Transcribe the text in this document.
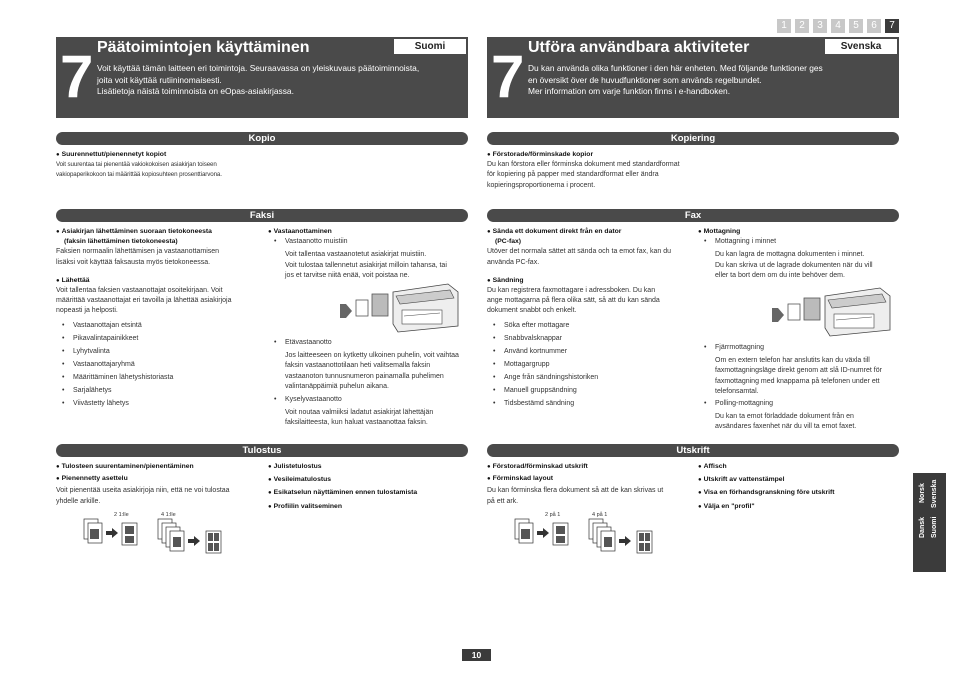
1	2	3	4	5	6	7
7 Päätoimintojen käyttäminen	Suomi
Voit käyttää tämän laitteen eri toimintoja. Seuraavassa on yleiskuvaus päätoiminnoista,
joita voit käyttää rutiininomaisesti.
Lisätietoja näistä toiminnoista on eOpas-asiakirjassa.
Kopio
● Suurennettut/pienennetyt kopiot
Voit suurentaa tai pienentää vakiokokoisen asiakirjan toiseen
vakiopaperikokoon tai määrittää kopiosuhteen prosenttiarvona.
Faksi
● Asiakirjan lähettäminen suoraan tietokoneesta
(faksin lähettäminen tietokoneesta)
Faksien normaalin lähettämisen ja vastaanottamisen
lisäksi voit käyttää faksausta myös tietokoneessa.
● Lähettää
Voit tallentaa faksien vastaanottajat osoitekirjaan. Voit
määrittää vastaanottajat eri tavoilla ja lähettää asiakirjoja
nopeasti ja helposti.
• Vastaanottajan etsintä
• Pikavalintapainikkeet
• Lyhytvalinta
• Vastaanottajaryhmä
• Määrittäminen lähetyshistoriasta
• Sarjalähetys
• Viivästetty lähetys
● Vastaanottaminen
• Vastaanotto muistiin
Voit tallentaa vastaanotetut asiakirjat muistiin.
Voit tulostaa tallennetut asiakirjat milloin tahansa, tai
jos et tarvitse niitä enää, voit poistaa ne.
• Etävastaanotto
Jos laitteeseen on kytketty ulkoinen puhelin, voit vaihtaa
faksin vastaanottotilaan heti valitsemalla faksin
vastaanoton tunnusnumeron painamalla puhelimen
valintanäppäimiä puhelun aikana.
• Kyselyvastaanotto
Voit noutaa valmiiksi ladatut asiakirjat lähettäjän
faksilaitteesta, kun haluat vastaanottaa faksin.
Tulostus
● Tulosteen suurentaminen/pienentäminen
● Pienennetty asettelu
Voit pienentää useita asiakirjoja niin, että ne voi tulostaa
yhdelle arkille.
● Julistetulostus
● Vesileimatulostus
● Esikatselun näyttäminen ennen tulostamista
● Profiilin valitseminen
2 1:lle	4 1:lle
7 Utföra användbara aktiviteter	Svenska
Du kan använda olika funktioner i den här enheten. Med följande funktioner ges
en översikt över de huvudfunktioner som används regelbundet.
Mer information om varje funktion finns i e-handboken.
Kopiering
● Förstorade/förminskade kopior
Du kan förstora eller förminska dokument med standardformat
för kopiering på papper med standardformat eller ändra
kopieringsproportionerna i procent.
Fax
● Sända ett dokument direkt från en dator
(PC-fax)
Utöver det normala sättet att sända och ta emot fax, kan du
använda PC-fax.
● Sändning
Du kan registrera faxmottagare i adressboken. Du kan
ange mottagarna på flera olika sätt, så att du kan sända
dokument snabbt och enkelt.
• Söka efter mottagare
• Snabbvalsknappar
• Använd kortnummer
• Mottagargrupp
• Ange från sändningshistoriken
• Manuell gruppsändning
• Tidsbestämd sändning
● Mottagning
• Mottagning i minnet
Du kan lagra de mottagna dokumenten i minnet.
Du kan skriva ut de lagrade dokumenten när du vill
eller ta bort dem om du inte behöver dem.
• Fjärrmottagning
Om en extern telefon har anslutits kan du växla till
faxmottagningsläge direkt genom att slå ID-numret för
faxmottagning med knapparna på telefonen under ett
telefonsamtal.
• Polling-mottagning
Du kan ta emot förladdade dokument från en
avsändares faxenhet när du vill ta emot faxet.
Utskrift
● Förstorad/förminskad utskrift
● Förminskad layout
Du kan förminska flera dokument så att de kan skrivas ut
på ett ark.
● Affisch
● Utskrift av vattenstämpel
● Visa en förhandsgranskning före utskrift
● Välja en "profil"
2 på 1	4 på 1
Dansk
Norsk
Suomi
Svenska
10
